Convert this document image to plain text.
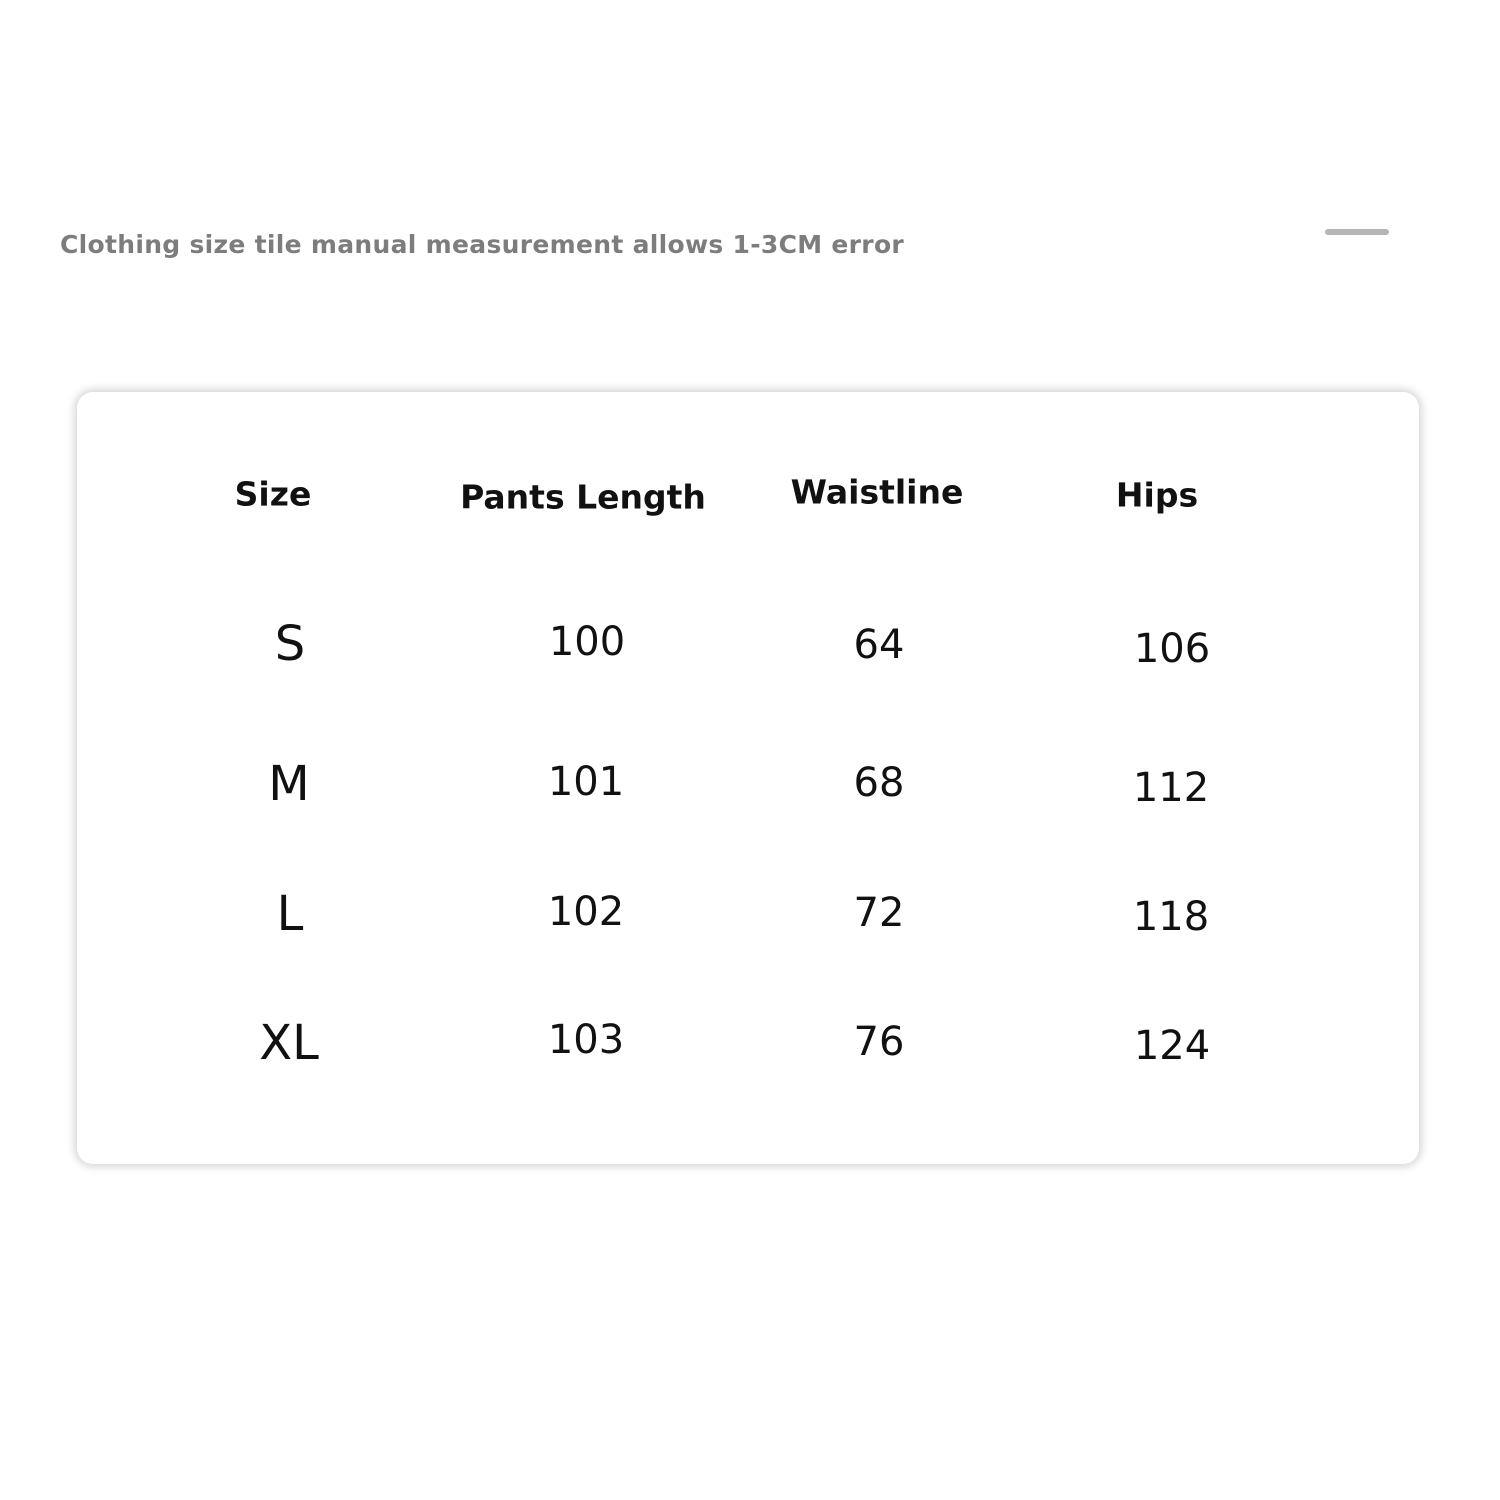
Clothing size tile manual measurement allows 1-3CM error
Size	Pants Length	Waistline	Hips
S	100	64	106
M	101	68	112
L	102	72	118
XL	103	76	124
